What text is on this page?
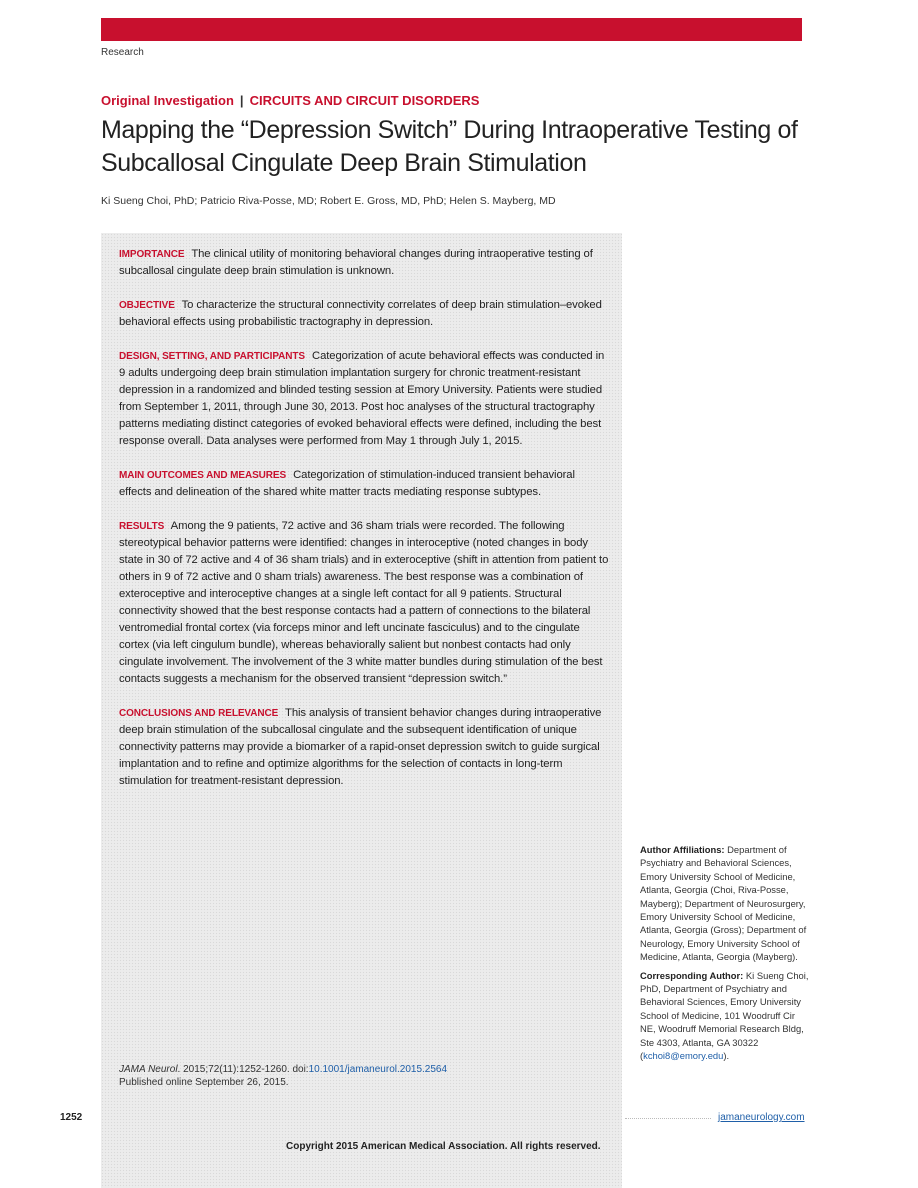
Research
Original Investigation | CIRCUITS AND CIRCUIT DISORDERS
Mapping the “Depression Switch” During Intraoperative Testing of Subcallosal Cingulate Deep Brain Stimulation
Ki Sueng Choi, PhD; Patricio Riva-Posse, MD; Robert E. Gross, MD, PhD; Helen S. Mayberg, MD

IMPORTANCE The clinical utility of monitoring behavioral changes during intraoperative testing of subcallosal cingulate deep brain stimulation is unknown.

OBJECTIVE To characterize the structural connectivity correlates of deep brain stimulation–evoked behavioral effects using probabilistic tractography in depression.

DESIGN, SETTING, AND PARTICIPANTS Categorization of acute behavioral effects was conducted in 9 adults undergoing deep brain stimulation implantation surgery for chronic treatment-resistant depression in a randomized and blinded testing session at Emory University. Patients were studied from September 1, 2011, through June 30, 2013. Post hoc analyses of the structural tractography patterns mediating distinct categories of evoked behavioral effects were defined, including the best response overall. Data analyses were performed from May 1 through July 1, 2015.

MAIN OUTCOMES AND MEASURES Categorization of stimulation-induced transient behavioral effects and delineation of the shared white matter tracts mediating response subtypes.

RESULTS Among the 9 patients, 72 active and 36 sham trials were recorded. The following stereotypical behavior patterns were identified: changes in interoceptive (noted changes in body state in 30 of 72 active and 4 of 36 sham trials) and in exteroceptive (shift in attention from patient to others in 9 of 72 active and 0 sham trials) awareness. The best response was a combination of exteroceptive and interoceptive changes at a single left contact for all 9 patients. Structural connectivity showed that the best response contacts had a pattern of connections to the bilateral ventromedial frontal cortex (via forceps minor and left uncinate fasciculus) and to the cingulate cortex (via left cingulum bundle), whereas behaviorally salient but nonbest contacts had only cingulate involvement. The involvement of the 3 white matter bundles during stimulation of the best contacts suggests a mechanism for the observed transient “depression switch.”

CONCLUSIONS AND RELEVANCE This analysis of transient behavior changes during intraoperative deep brain stimulation of the subcallosal cingulate and the subsequent identification of unique connectivity patterns may provide a biomarker of a rapid-onset depression switch to guide surgical implantation and to refine and optimize algorithms for the selection of contacts in long-term stimulation for treatment-resistant depression.

JAMA Neurol. 2015;72(11):1252-1260. doi:10.1001/jamaneurol.2015.2564
Published online September 26, 2015.

Author Affiliations: Department of Psychiatry and Behavioral Sciences, Emory University School of Medicine, Atlanta, Georgia (Choi, Riva-Posse, Mayberg); Department of Neurosurgery, Emory University School of Medicine, Atlanta, Georgia (Gross); Department of Neurology, Emory University School of Medicine, Atlanta, Georgia (Mayberg).

Corresponding Author: Ki Sueng Choi, PhD, Department of Psychiatry and Behavioral Sciences, Emory University School of Medicine, 101 Woodruff Cir NE, Woodruff Memorial Research Bldg, Ste 4303, Atlanta, GA 30322 (kchoi8@emory.edu).

1252	jamaneurology.com
Copyright 2015 American Medical Association. All rights reserved.
